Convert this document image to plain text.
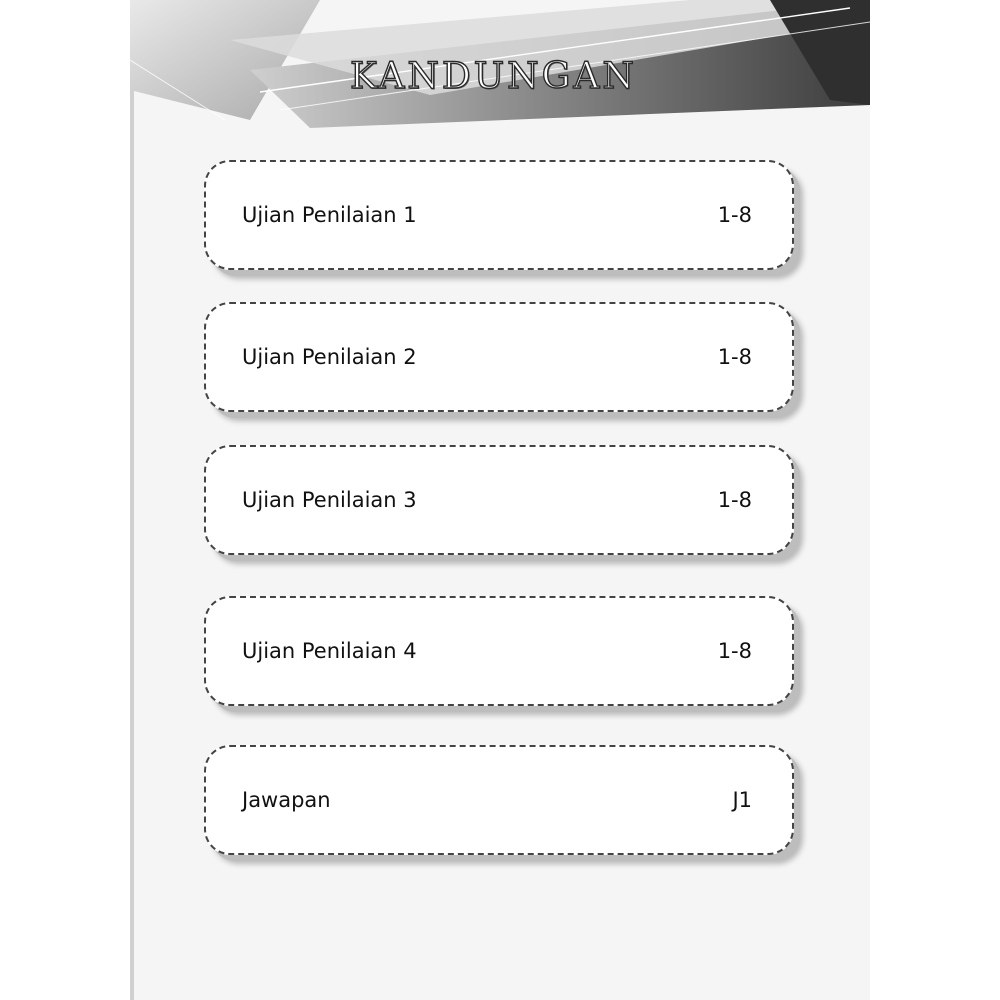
KANDUNGAN
Ujian Penilaian 1	1-8
Ujian Penilaian 2	1-8
Ujian Penilaian 3	1-8
Ujian Penilaian 4	1-8
Jawapan	J1
